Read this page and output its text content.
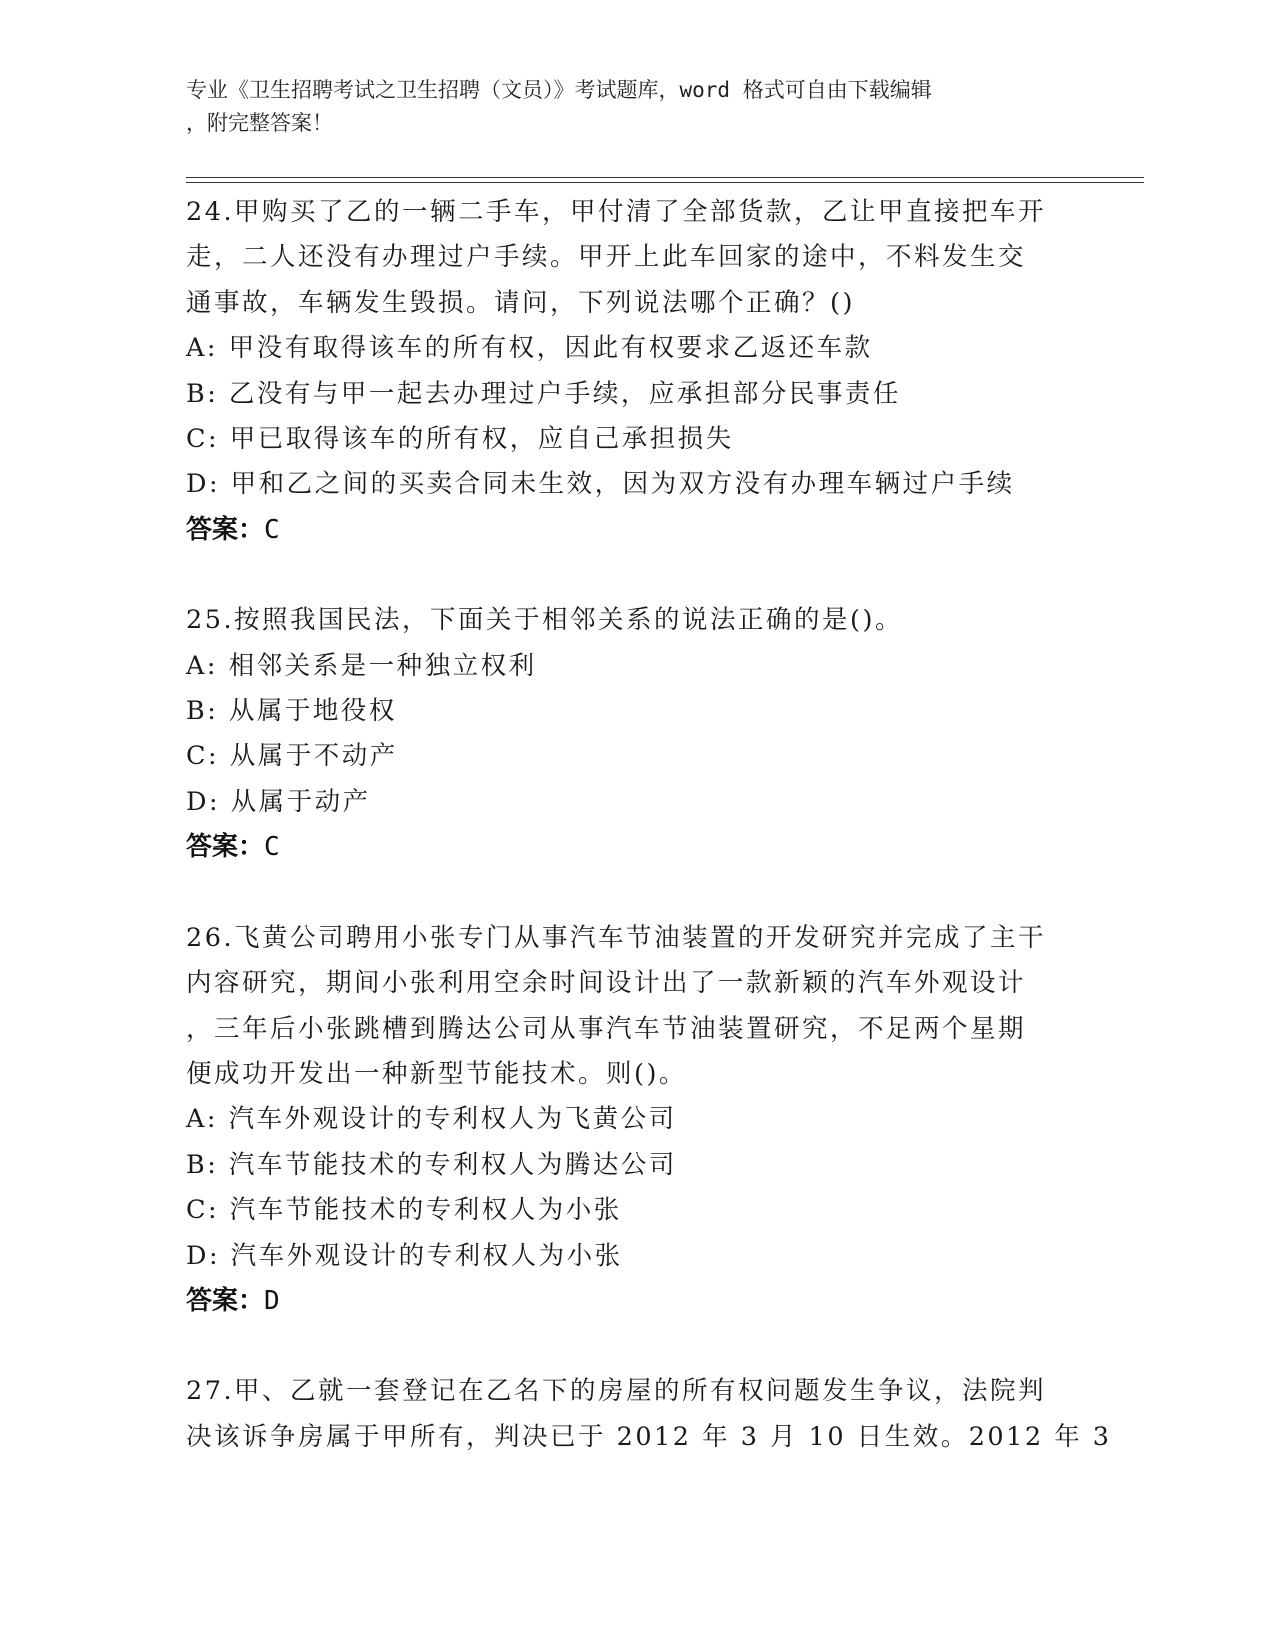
专业《卫生招聘考试之卫生招聘（文员）》考试题库，word 格式可自由下载编辑
，附完整答案！
24.甲购买了乙的一辆二手车，甲付清了全部货款，乙让甲直接把车开
走，二人还没有办理过户手续。甲开上此车回家的途中，不料发生交
通事故，车辆发生毁损。请问，下列说法哪个正确？()
A: 甲没有取得该车的所有权，因此有权要求乙返还车款
B: 乙没有与甲一起去办理过户手续，应承担部分民事责任
C: 甲已取得该车的所有权，应自己承担损失
D: 甲和乙之间的买卖合同未生效，因为双方没有办理车辆过户手续
答案：C
25.按照我国民法，下面关于相邻关系的说法正确的是()。
A: 相邻关系是一种独立权利
B: 从属于地役权
C: 从属于不动产
D: 从属于动产
答案：C
26.飞黄公司聘用小张专门从事汽车节油装置的开发研究并完成了主干
内容研究，期间小张利用空余时间设计出了一款新颖的汽车外观设计
，三年后小张跳槽到腾达公司从事汽车节油装置研究，不足两个星期
便成功开发出一种新型节能技术。则()。
A: 汽车外观设计的专利权人为飞黄公司
B: 汽车节能技术的专利权人为腾达公司
C: 汽车节能技术的专利权人为小张
D: 汽车外观设计的专利权人为小张
答案：D
27.甲、乙就一套登记在乙名下的房屋的所有权问题发生争议，法院判
决该诉争房属于甲所有，判决已于 2012 年 3 月 10 日生效。2012 年 3
